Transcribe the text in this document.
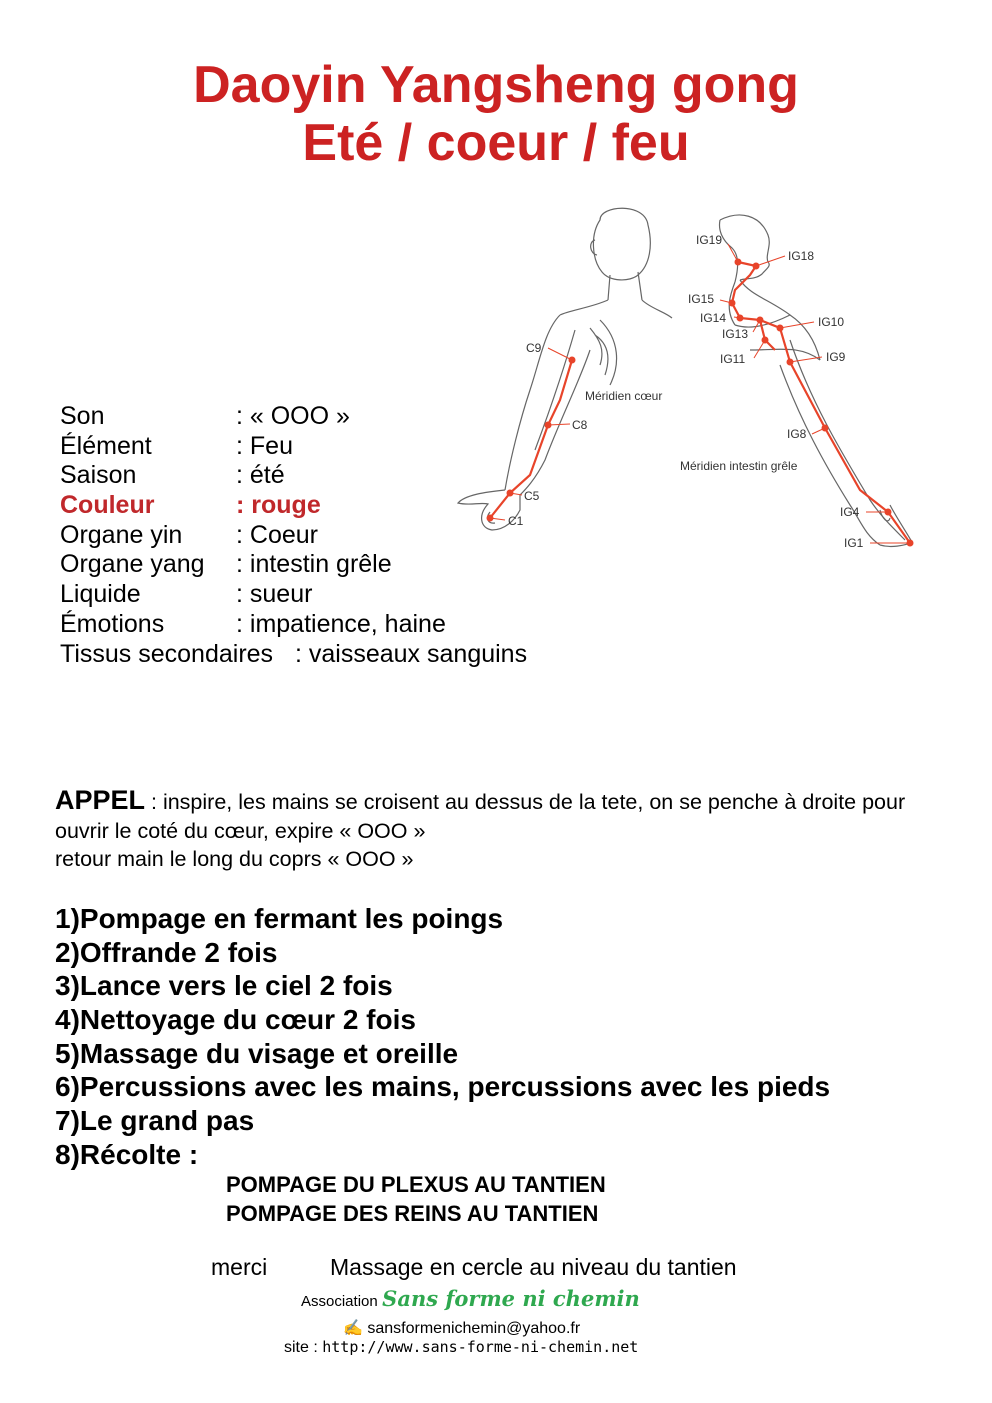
Daoyin Yangsheng gong
Eté / coeur / feu
C9
C8
C5
C1
IG19
IG18
IG15
IG14
IG13
IG10
IG11	IG9
IG8
IG4
IG1
Méridien cœur
Méridien intestin grêle
Son	: « OOO »
Élément	: Feu
Saison	: été
Couleur	: rouge
Organe yin : Coeur
Organe yang : intestin grêle
Liquide	: sueur
Émotions	: impatience, haine
Tissus secondaires : vaisseaux sanguins
APPEL : inspire, les mains se croisent au dessus de la tete, on se penche à droite pour ouvrir le coté du cœur, expire « OOO »
retour main le long du coprs « OOO »
1)Pompage en fermant les poings
2)Offrande 2 fois
3)Lance vers le ciel 2 fois
4)Nettoyage du cœur 2 fois
5)Massage du visage et oreille
6)Percussions avec les mains, percussions avec les pieds
7)Le grand pas
8)Récolte :
POMPAGE DU PLEXUS AU TANTIEN
POMPAGE DES REINS AU TANTIEN
merci	Massage en cercle au niveau du tantien
Association Sans forme ni chemin
✍ sansformenichemin@yahoo.fr
site : http://www.sans-forme-ni-chemin.net
